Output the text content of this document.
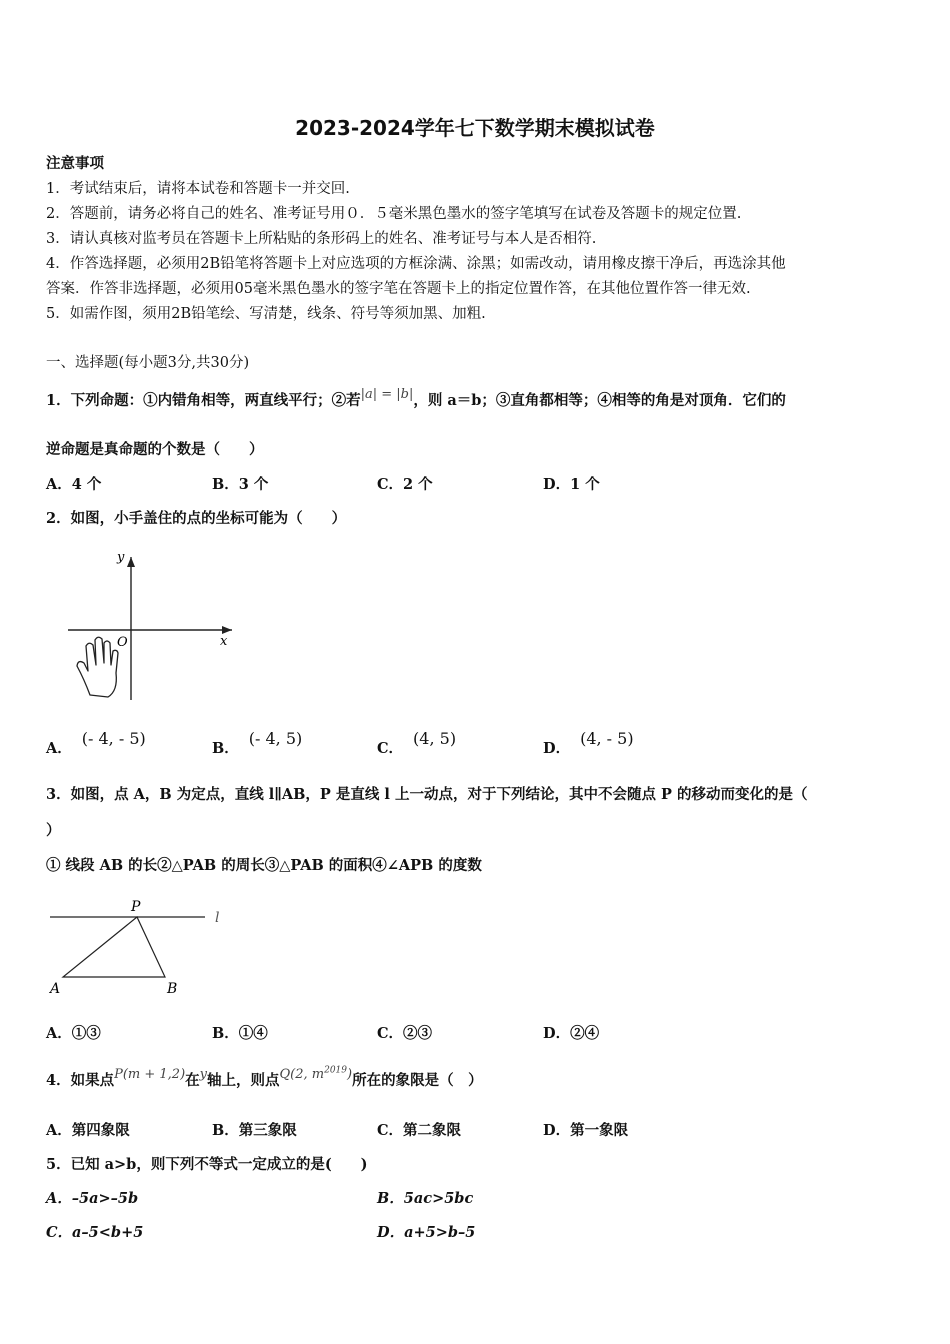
2023-2024学年七下数学期末模拟试卷
注意事项
1．考试结束后，请将本试卷和答题卡一并交回.
2．答题前，请务必将自己的姓名、准考证号用０．５毫米黑色墨水的签字笔填写在试卷及答题卡的规定位置.
3．请认真核对监考员在答题卡上所粘贴的条形码上的姓名、准考证号与本人是否相符.
4．作答选择题，必须用2B铅笔将答题卡上对应选项的方框涂满、涂黑；如需改动，请用橡皮擦干净后，再选涂其他
答案．作答非选择题，必须用05毫米黑色墨水的签字笔在答题卡上的指定位置作答，在其他位置作答一律无效.
5．如需作图，须用2B铅笔绘、写清楚，线条、符号等须加黑、加粗.
一、选择题(每小题3分,共30分)
1．下列命题：①内错角相等，两直线平行；②若|a| = |b|，则 a＝b；③直角都相等；④相等的角是对顶角．它们的
逆命题是真命题的个数是（　　）
A．4 个	B．3 个	C．2 个	D．1 个
2．如图，小手盖住的点的坐标可能为（　　）
y
x
O
A．(- 4, - 5)
B．(- 4, 5)
C．(4, 5)
D．(4, - 5)
3．如图，点 A，B 为定点，直线 l∥AB，P 是直线 l 上一动点，对于下列结论，其中不会随点 P 的移动而变化的是（
）
① 线段 AB 的长②△PAB 的周长③△PAB 的面积④∠APB 的度数
P
l
A	B
A．①③	B．①④	C．②③	D．②④
4．如果点P(m + 1,2)在y轴上，则点Q(2, $m^{2019}$)所在的象限是（　）
A．第四象限	B．第三象限	C．第二象限	D．第一象限
5．已知 a>b，则下列不等式一定成立的是(　　)
A．–5a>–5b	B．5ac>5bc
C．a–5<b+5	D．a+5>b–5
